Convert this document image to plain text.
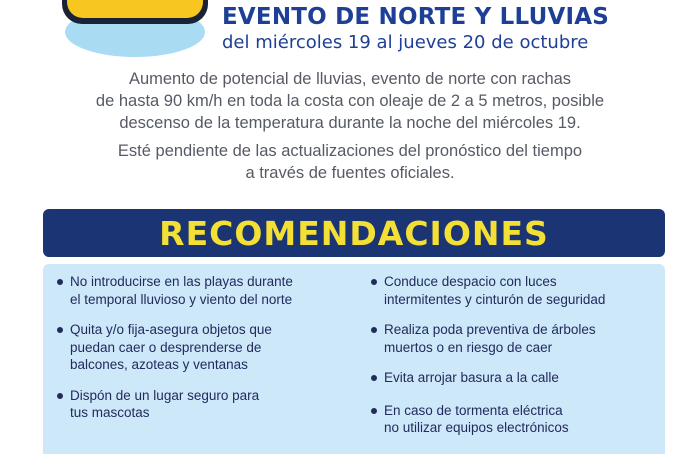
EVENTO DE NORTE Y LLUVIAS
del miércoles 19 al jueves 20 de octubre
Aumento de potencial de lluvias, evento de norte con rachas
de hasta 90 km/h en toda la costa con oleaje de 2 a 5 metros, posible
descenso de la temperatura durante la noche del miércoles 19.
Esté pendiente de las actualizaciones del pronóstico del tiempo
a través de fuentes oficiales.
RECOMENDACIONES
No introducirse en las playas durante
el temporal lluvioso y viento del norte
Quita y/o fija-asegura objetos que
puedan caer o desprenderse de
balcones, azoteas y ventanas
Dispón de un lugar seguro para
tus mascotas
Conduce despacio con luces
intermitentes y cinturón de seguridad
Realiza poda preventiva de árboles
muertos o en riesgo de caer
Evita arrojar basura a la calle
En caso de tormenta eléctrica
no utilizar equipos electrónicos
